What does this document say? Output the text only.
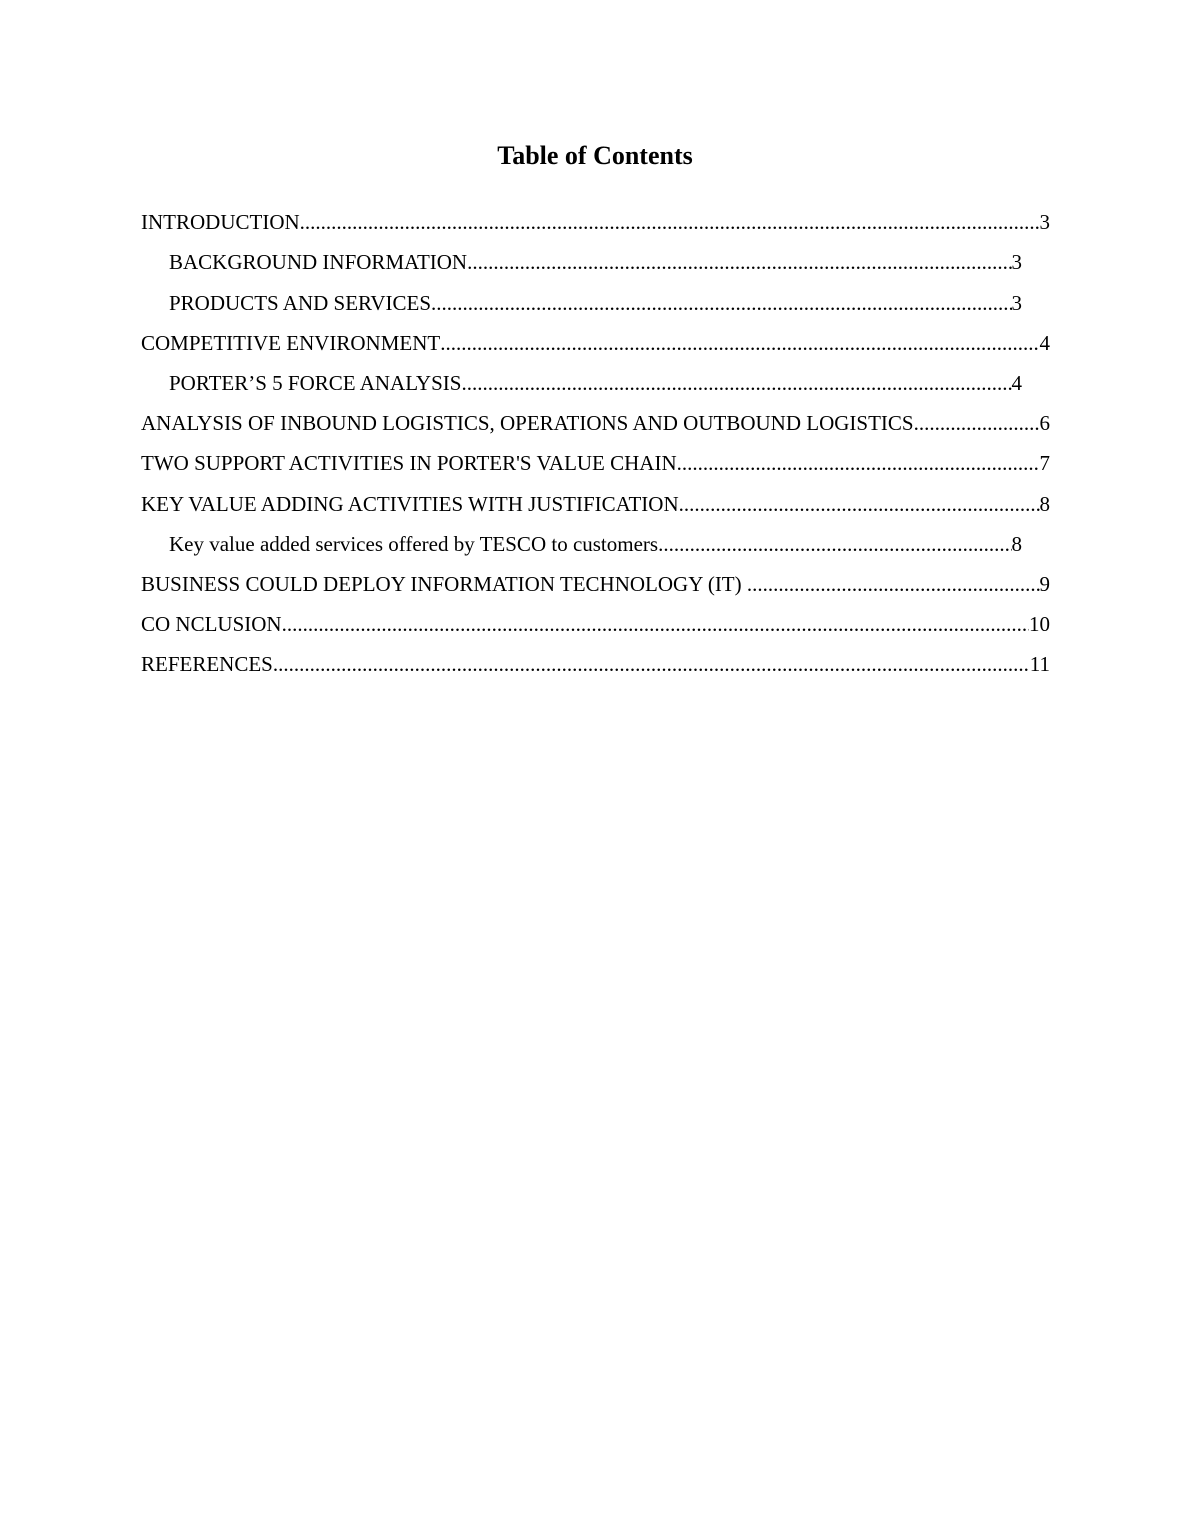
Table of Contents
INTRODUCTION .....	3
BACKGROUND INFORMATION .....	3
PRODUCTS AND SERVICES .....	3
COMPETITIVE ENVIRONMENT .....	4
PORTER’S 5 FORCE ANALYSIS .....	4
ANALYSIS OF INBOUND LOGISTICS, OPERATIONS AND OUTBOUND LOGISTICS .....	6
TWO SUPPORT ACTIVITIES IN PORTER'S VALUE CHAIN .....	7
KEY VALUE ADDING ACTIVITIES WITH JUSTIFICATION .....	8
Key value added services offered by TESCO to customers .....	8
BUSINESS COULD DEPLOY INFORMATION TECHNOLOGY (IT) .....	9
CO NCLUSION .....	10
REFERENCES .....	11
